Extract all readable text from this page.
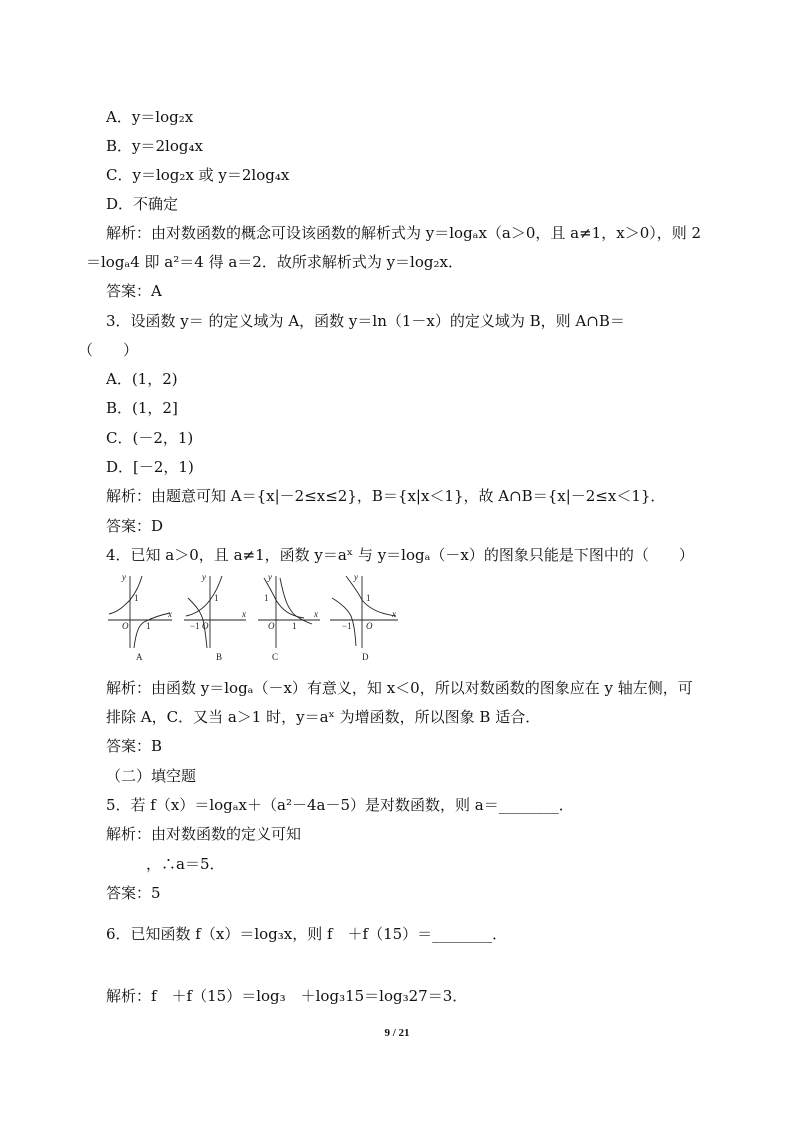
A．y＝log₂x
B．y＝2log₄x
C．y＝log₂x 或 y＝2log₄x
D．不确定
解析：由对数函数的概念可设该函数的解析式为 y＝logₐx（a＞0，且 a≠1，x＞0），则 2
＝logₐ4 即 a²＝4 得 a＝2．故所求解析式为 y＝log₂x．
答案：A
3．设函数 y＝ 的定义域为 A，函数 y＝ln（1－x）的定义域为 B，则 A∩B＝
（　　）
A．(1，2)
B．(1，2]
C．(－2，1)
D．[－2，1)
解析：由题意可知 A＝{x|－2≤x≤2}，B＝{x|x＜1}，故 A∩B＝{x|－2≤x＜1}．
答案：D
4．已知 a＞0，且 a≠1，函数 y＝aˣ 与 y＝logₐ（－x）的图象只能是下图中的（　　）
y
x
y
x
y
x
y
x
O	O	O	O
1
1
1
−1
1
1
1
−1
A	B	C	D
解析：由函数 y＝logₐ（－x）有意义，知 x＜0，所以对数函数的图象应在 y 轴左侧，可
排除 A，C．又当 a＞1 时，y＝aˣ 为增函数，所以图象 B 适合．
答案：B
（二）填空题
5．若 f（x）＝logₐx＋（a²－4a－5）是对数函数，则 a＝________．
解析：由对数函数的定义可知
，∴a＝5．
答案：5
6．已知函数 f（x）＝log₃x，则 f　＋f（15）＝________．
解析：f　＋f（15）＝log₃　＋log₃15＝log₃27＝3．
9 / 21
